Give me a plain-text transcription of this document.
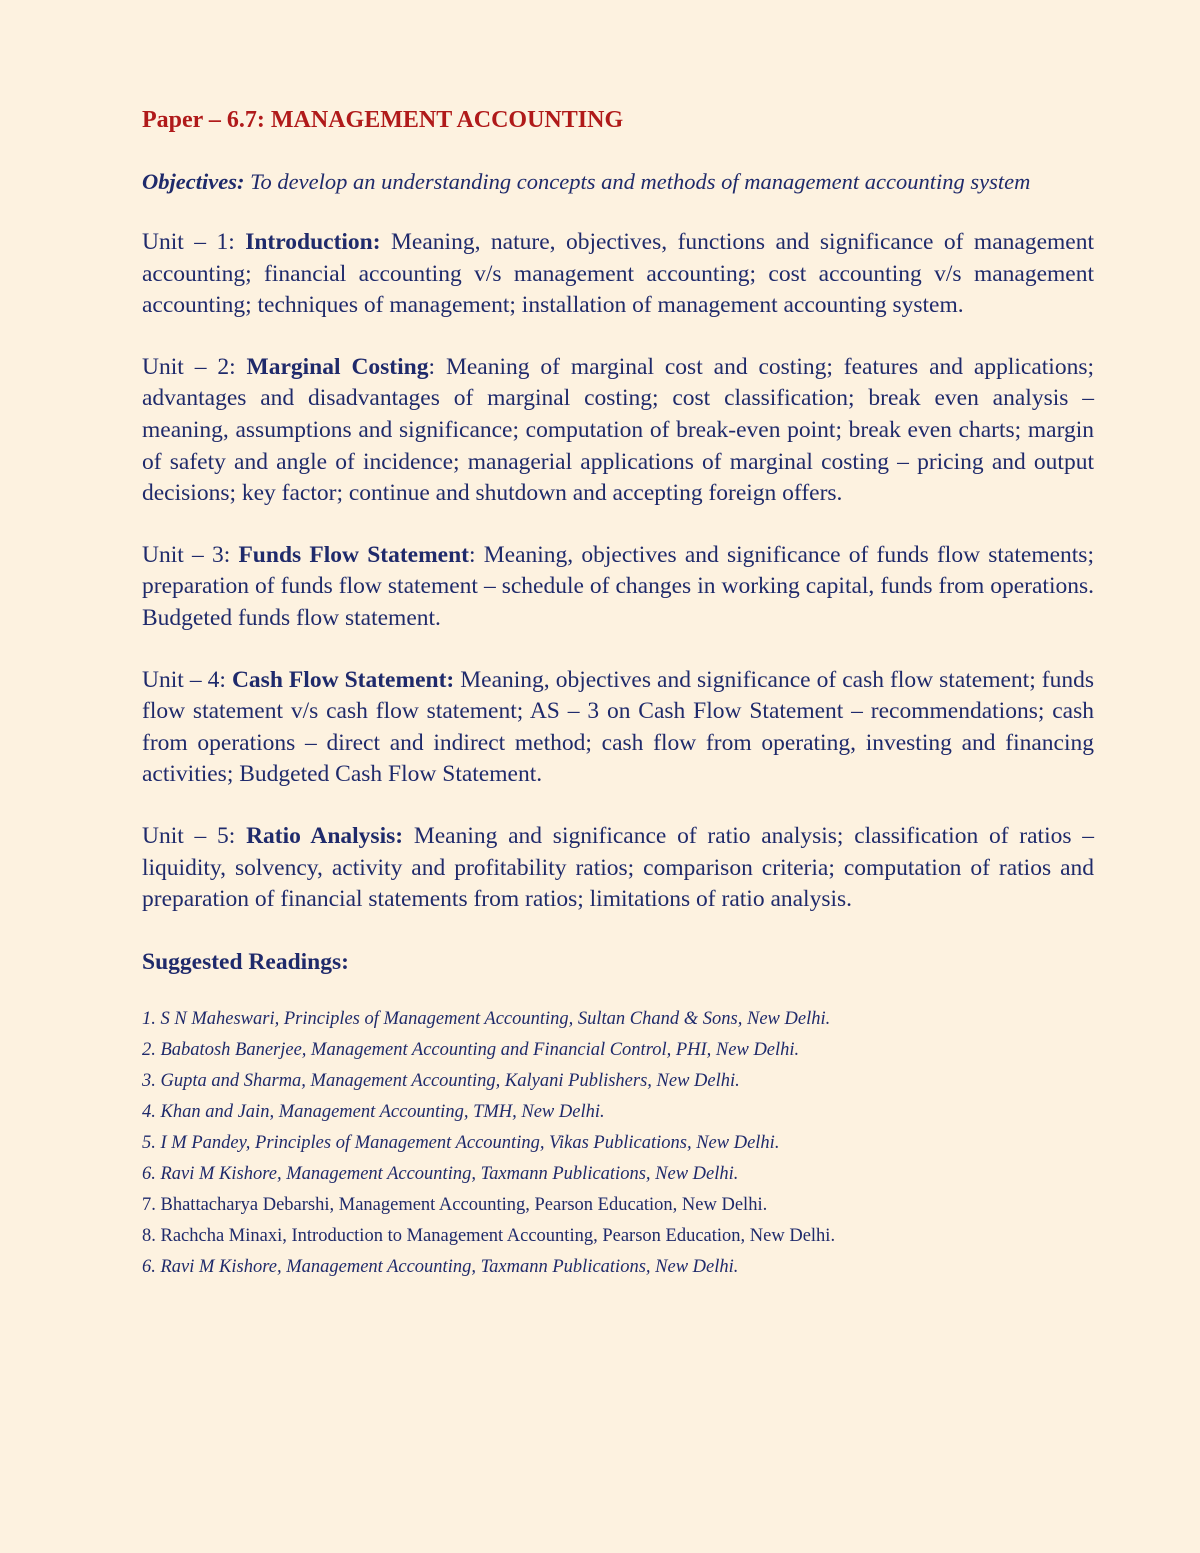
Paper – 6.7: MANAGEMENT ACCOUNTING

Objectives: To develop an understanding concepts and methods of management accounting system

Unit – 1: Introduction: Meaning, nature, objectives, functions and significance of management accounting; financial accounting v/s management accounting; cost accounting v/s management accounting; techniques of management; installation of management accounting system.

Unit – 2: Marginal Costing: Meaning of marginal cost and costing; features and applications; advantages and disadvantages of marginal costing; cost classification; break even analysis – meaning, assumptions and significance; computation of break-even point; break even charts; margin of safety and angle of incidence; managerial applications of marginal costing – pricing and output decisions; key factor; continue and shutdown and accepting foreign offers.

Unit – 3: Funds Flow Statement: Meaning, objectives and significance of funds flow statements; preparation of funds flow statement – schedule of changes in working capital, funds from operations. Budgeted funds flow statement.

Unit – 4: Cash Flow Statement: Meaning, objectives and significance of cash flow statement; funds flow statement v/s cash flow statement; AS – 3 on Cash Flow Statement – recommendations; cash from operations – direct and indirect method; cash flow from operating, investing and financing activities; Budgeted Cash Flow Statement.

Unit – 5: Ratio Analysis: Meaning and significance of ratio analysis; classification of ratios – liquidity, solvency, activity and profitability ratios; comparison criteria; computation of ratios and preparation of financial statements from ratios; limitations of ratio analysis.

Suggested Readings:
1. S N Maheswari, Principles of Management Accounting, Sultan Chand & Sons, New Delhi.
2. Babatosh Banerjee, Management Accounting and Financial Control, PHI, New Delhi.
3. Gupta and Sharma, Management Accounting, Kalyani Publishers, New Delhi.
4. Khan and Jain, Management Accounting, TMH, New Delhi.
5. I M Pandey, Principles of Management Accounting, Vikas Publications, New Delhi.
6. Ravi M Kishore, Management Accounting, Taxmann Publications, New Delhi.
7. Bhattacharya Debarshi, Management Accounting, Pearson Education, New Delhi.
8. Rachcha Minaxi, Introduction to Management Accounting, Pearson Education, New Delhi.
6. Ravi M Kishore, Management Accounting, Taxmann Publications, New Delhi.
